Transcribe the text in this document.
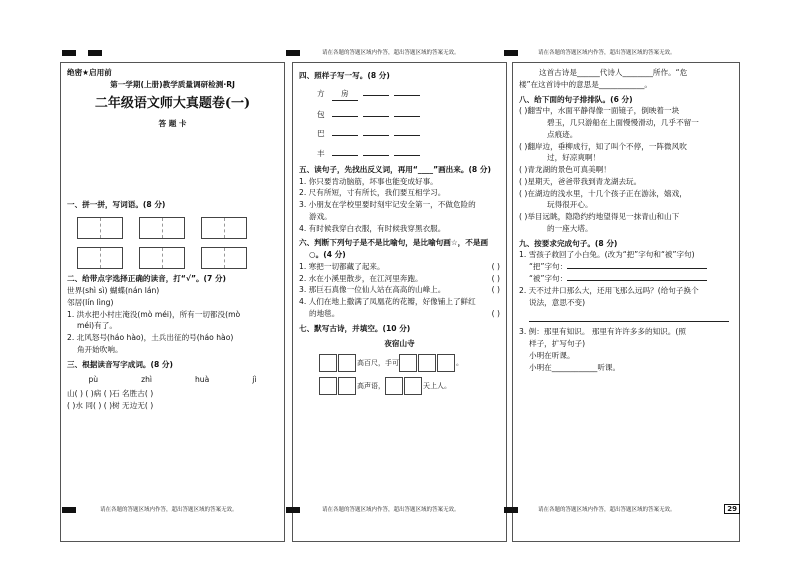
请在各题的答题区域内作答，超出答题区域的答案无效。	请在各题的答题区域内作答，超出答题区域的答案无效。
绝密★启用前
第一学期(上册)教学质量调研检测·RJ
二年级语文师大真题卷(一)
答 题 卡
一、拼一拼，写词语。(8 分)
二、给带点字选择正确的读音，打“√”。(7 分)
世界(shì sì) 蝴蝶(nán lán)
邻居(lín lìng)
1. 洪水把小村庄淹没(mò méi)，所有一切都没(mò
méi)有了。
2. 北风怒号(háo hào)，土兵出征的号(háo hào)
角开始吹响。
三、根据读音写字成词。(8 分)
pù	zhì	huà	jì
山( ) ( )病 ( )石 名胜古( )
( )水 同( ) ( )树 无边无( )
四、照样子写一写。(8 分)
方 房
包
巴
丰
五、读句子，先找出反义词，再用“____”画出来。(8 分)
1. 你只要肯动脑筋，坏事也能变成好事。
2. 尺有所短，寸有所长，我们要互相学习。
3. 小朋友在学校里要时刻牢记安全第一，不做危险的
游戏。
4. 有时候我穿白衣服，有时候我穿黑衣服。
六、判断下列句子是不是比喻句，是比喻句画☆，不是画
○。(4 分)
1. 寒把一切都藏了起来。	( )
2. 水在小溪里散步，在江河里奔跑。	( )
3. 那巨石真像一位仙人站在高高的山峰上。	( )
4. 人们在地上撒满了凤凰花的花瓣，好像铺上了鲜红
的地毯。	( )
七、默写古诗，并填空。(10 分)
夜宿山寺
高百尺，手可	。
高声语，	天上人。
这首古诗是______代诗人________所作。“危
楼”在这首诗中的意思是____________。
八、给下面的句子排排队。(6 分)
( )翻雪中，水面平静得像一面镜子，倒映着一块
碧玉，几只游船在上面慢慢滑动，几乎不留一
点痕迹。
( )翻岸边，垂柳成行，知了叫个不停，一阵微风吹
过，好凉爽啊！
( )青龙湖的景色可真美啊！
( )星期天，爸爸带我到青龙湖去玩。
( )在湖边的浅水里，十几个孩子正在游泳，嬉戏，
玩得很开心。
( )举目远眺，隐隐约约地望得见一抹青山和山下
的一座大塔。
九、按要求完成句子。(8 分)
1. 雪孩子救回了小白兔。(改为“把”字句和“被”字句)
“把”字句：
“被”字句：
2. 天不过井口那么大，还用飞那么远吗？(给句子换个
说法，意思不变)
3. 例：那里有知识。 那里有许许多多的知识。(照
样子，扩写句子)
小明在听课。
小明在____________听课。
请在各题的答题区域内作答，超出答题区域的答案无效。	请在各题的答题区域内作答，超出答题区域的答案无效。	请在各题的答题区域内作答，超出答题区域的答案无效。	29
